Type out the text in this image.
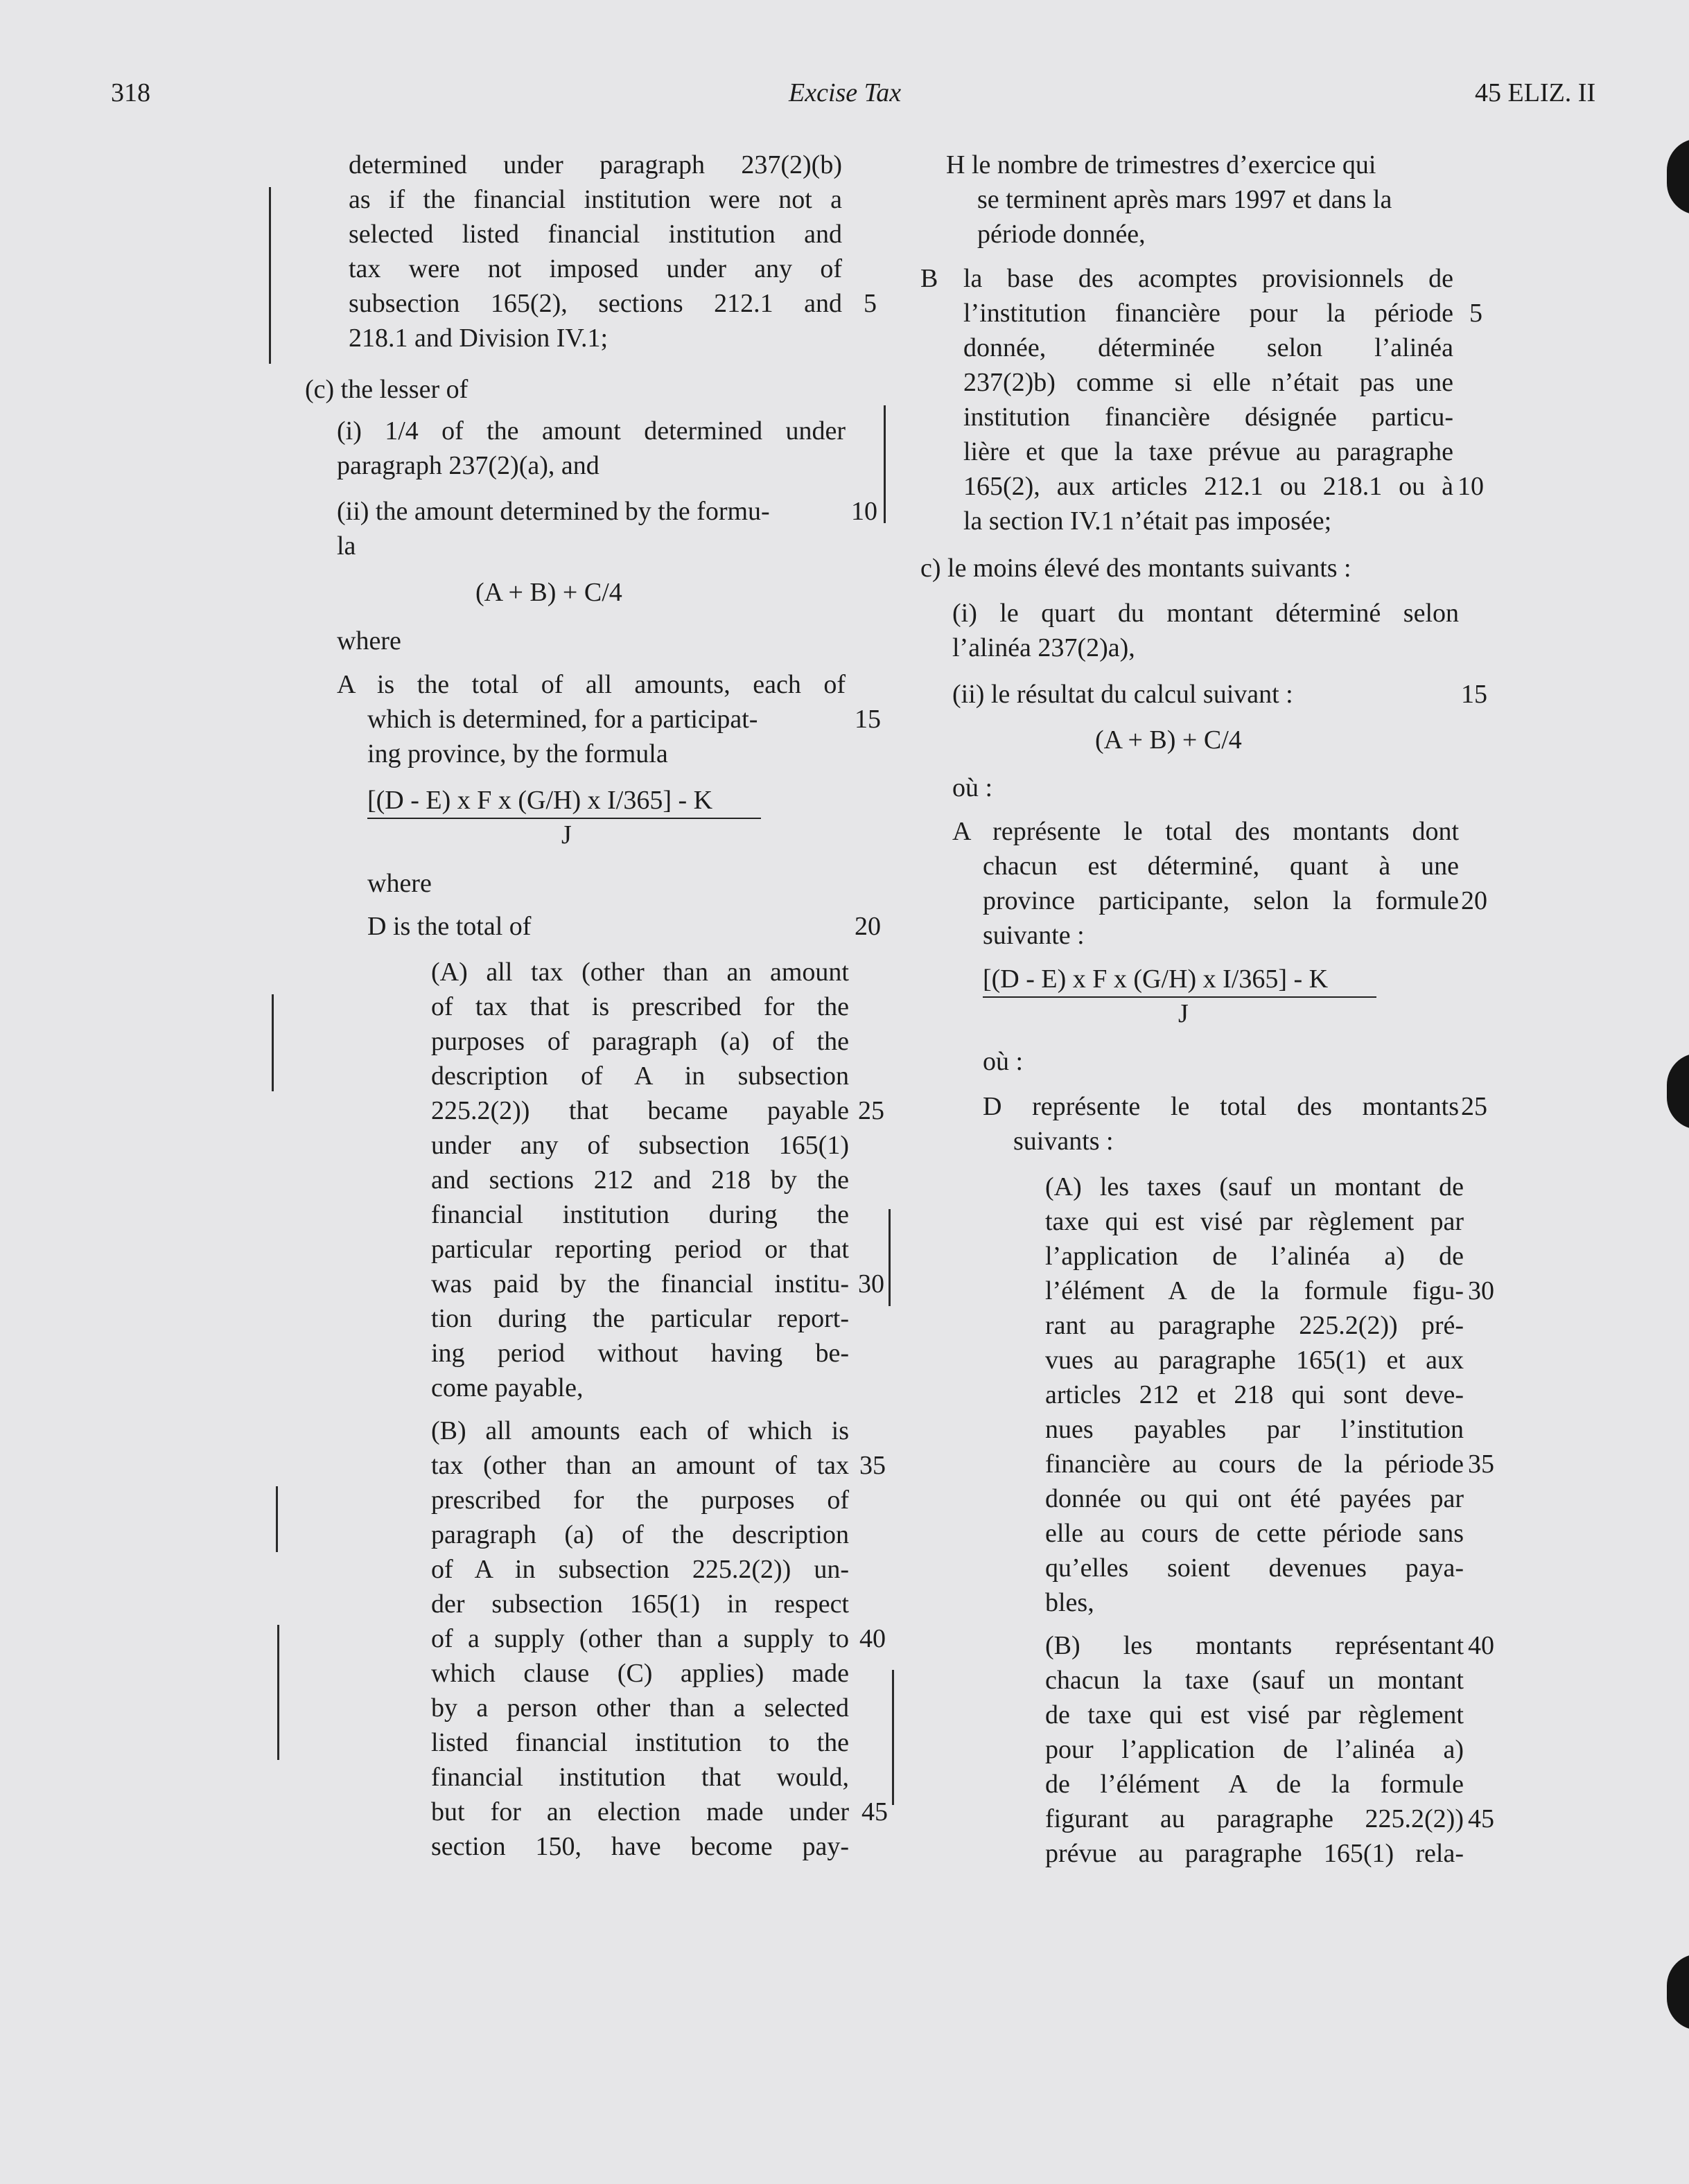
318	Excise Tax	45 ELIZ. II
determined under paragraph 237(2)(b)
as if the financial institution were not a
selected listed financial institution and
tax were not imposed under any of
subsection 165(2), sections 212.1 and
218.1 and Division IV.1;
(c) the lesser of
(i) 1/4 of the amount determined under
paragraph 237(2)(a), and
(ii) the amount determined by the formu-
la
(A + B) + C/4
where
A is the total of all amounts, each of
which is determined, for a participat-
ing province, by the formula
[(D - E) x F x (G/H) x I/365] - K
J
where
D is the total of
(A) all tax (other than an amount
of tax that is prescribed for the
purposes of paragraph (a) of the
description of A in subsection
225.2(2)) that became payable
under any of subsection 165(1)
and sections 212 and 218 by the
financial institution during the
particular reporting period or that
was paid by the financial institu-
tion during the particular report-
ing period without having be-
come payable,
(B) all amounts each of which is
tax (other than an amount of tax
prescribed for the purposes of
paragraph (a) of the description
of A in subsection 225.2(2)) un-
der subsection 165(1) in respect
of a supply (other than a supply to
which clause (C) applies) made
by a person other than a selected
listed financial institution to the
financial institution that would,
but for an election made under
section 150, have become pay-
5
10
15
20
25
30
35
40
45
H le nombre de trimestres d’exercice qui
se terminent après mars 1997 et dans la
période donnée,
B la base des acomptes provisionnels de
l’institution financière pour la période
donnée, déterminée selon l’alinéa
237(2)b) comme si elle n’était pas une
institution financière désignée particu-
lière et que la taxe prévue au paragraphe
165(2), aux articles 212.1 ou 218.1 ou à
la section IV.1 n’était pas imposée;
c) le moins élevé des montants suivants :
(i) le quart du montant déterminé selon
l’alinéa 237(2)a),
(ii) le résultat du calcul suivant :
(A + B) + C/4
où :
A représente le total des montants dont
chacun est déterminé, quant à une
province participante, selon la formule
suivante :
[(D - E) x F x (G/H) x I/365] - K
J
où :
D représente le total des montants
suivants :
(A) les taxes (sauf un montant de
taxe qui est visé par règlement par
l’application de l’alinéa a) de
l’élément A de la formule figu-
rant au paragraphe 225.2(2)) pré-
vues au paragraphe 165(1) et aux
articles 212 et 218 qui sont deve-
nues payables par l’institution
financière au cours de la période
donnée ou qui ont été payées par
elle au cours de cette période sans
qu’elles soient devenues paya-
bles,
(B) les montants représentant
chacun la taxe (sauf un montant
de taxe qui est visé par règlement
pour l’application de l’alinéa a)
de l’élément A de la formule
figurant au paragraphe 225.2(2))
prévue au paragraphe 165(1) rela-
5
10
15
20
25
30
35
40
45
